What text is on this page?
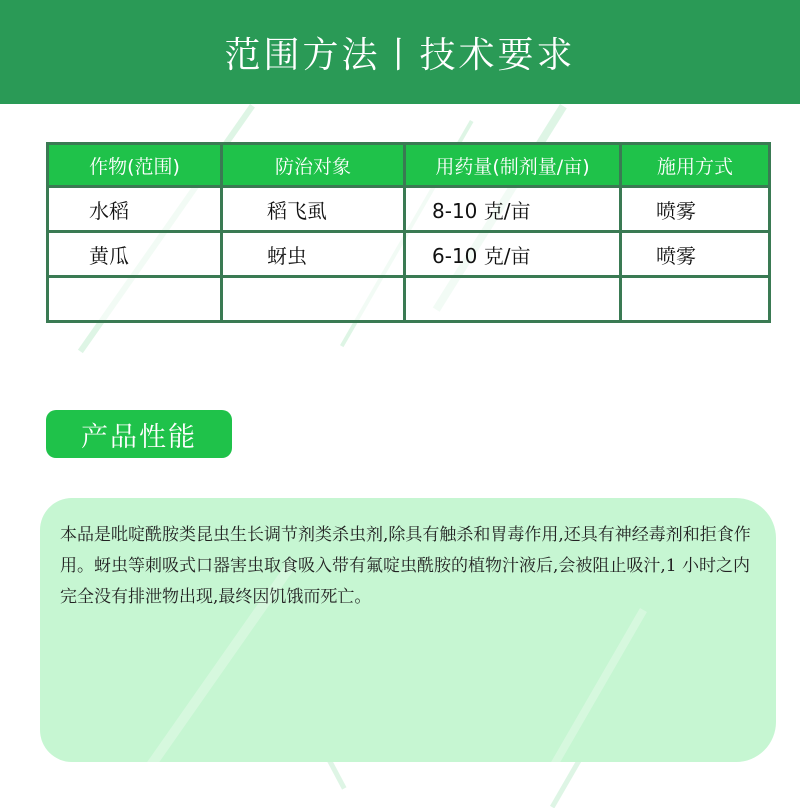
范围方法丨技术要求
作物(范围)	防治对象	用药量(制剂量/亩)	施用方式
水稻	稻飞虱	8-10 克/亩	喷雾
黄瓜	蚜虫	6-10 克/亩	喷雾

产品性能

本品是吡啶酰胺类昆虫生长调节剂类杀虫剂,除具有触杀和胃毒作用,还具有神经毒剂和拒食作用。蚜虫等刺吸式口器害虫取食吸入带有氟啶虫酰胺的植物汁液后,会被阻止吸汁,1 小时之内完全没有排泄物出现,最终因饥饿而死亡。
